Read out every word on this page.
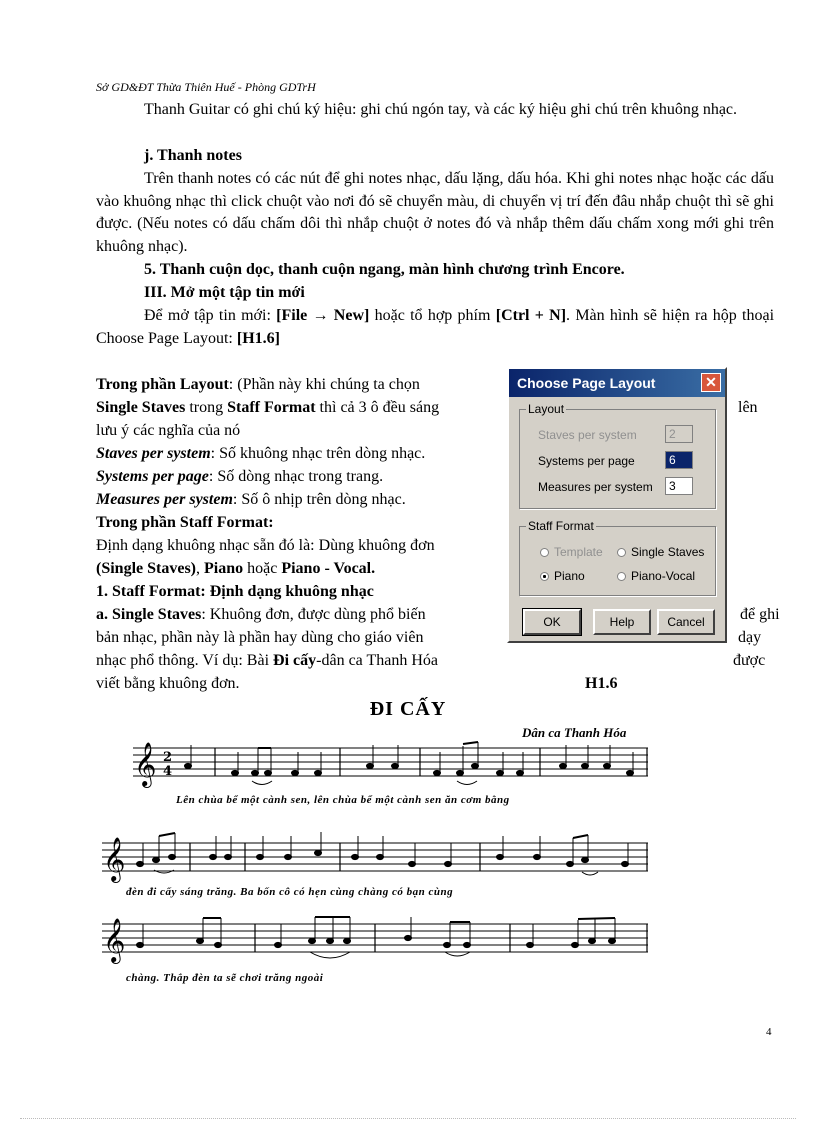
Sở GD&ĐT Thừa Thiên Huế - Phòng GDTrH
Thanh Guitar có ghi chú ký hiệu: ghi chú ngón tay, và các ký hiệu ghi chú trên khuông nhạc.
j. Thanh notes
Trên thanh notes có các nút để ghi notes nhạc, dấu lặng, dấu hóa. Khi ghi notes nhạc hoặc các dấu vào khuông nhạc thì click chuột vào nơi đó sẽ chuyển màu, di chuyển vị trí đến đâu nhắp chuột thì sẽ ghi được. (Nếu notes có dấu chấm dôi thì nhắp chuột ở notes đó và nhắp thêm dấu chấm xong mới ghi trên khuông nhạc).
5. Thanh cuộn dọc, thanh cuộn ngang, màn hình chương trình Encore.
III. Mở một tập tin mới
Để mở tập tin mới: [File → New] hoặc tổ hợp phím [Ctrl + N]. Màn hình sẽ hiện ra hộp thoại Choose Page Layout: [H1.6]
Trong phần Layout: (Phần này khi chúng ta chọn
Single Staves trong Staff Format thì cả 3 ô đều sáng	lên
lưu ý các nghĩa của nó
Staves per system: Số khuông nhạc trên dòng nhạc.
Systems per page: Số dòng nhạc trong trang.
Measures per system: Số ô nhịp trên dòng nhạc.
Trong phần Staff Format:
Định dạng khuông nhạc sẵn đó là: Dùng khuông đơn
(Single Staves), Piano hoặc Piano - Vocal.
1. Staff Format: Định dạng khuông nhạc
a. Single Staves: Khuông đơn, được dùng phổ biến	để ghi
bản nhạc, phần này là phần hay dùng cho giáo viên	dạy
nhạc phổ thông. Ví dụ: Bài Đi cấy-dân ca Thanh Hóa	được
viết bằng khuông đơn.	H1.6
Choose Page Layout	✕
Layout
Staves per system	2
Systems per page	6
Measures per system	3
Staff Format
Template	Single Staves
Piano	Piano-Vocal
OK	Help	Cancel
ĐI CẤY
Dân ca Thanh Hóa
𝄞
𝄞
𝄞
2
4
Lên chùa bể một cành sen, lên chùa bể một cành sen ăn cơm bằng
đèn đi cấy sáng trăng. Ba bốn cô có hẹn cùng chàng có bạn cùng
chàng. Thắp đèn ta sẽ chơi trăng ngoài
4
